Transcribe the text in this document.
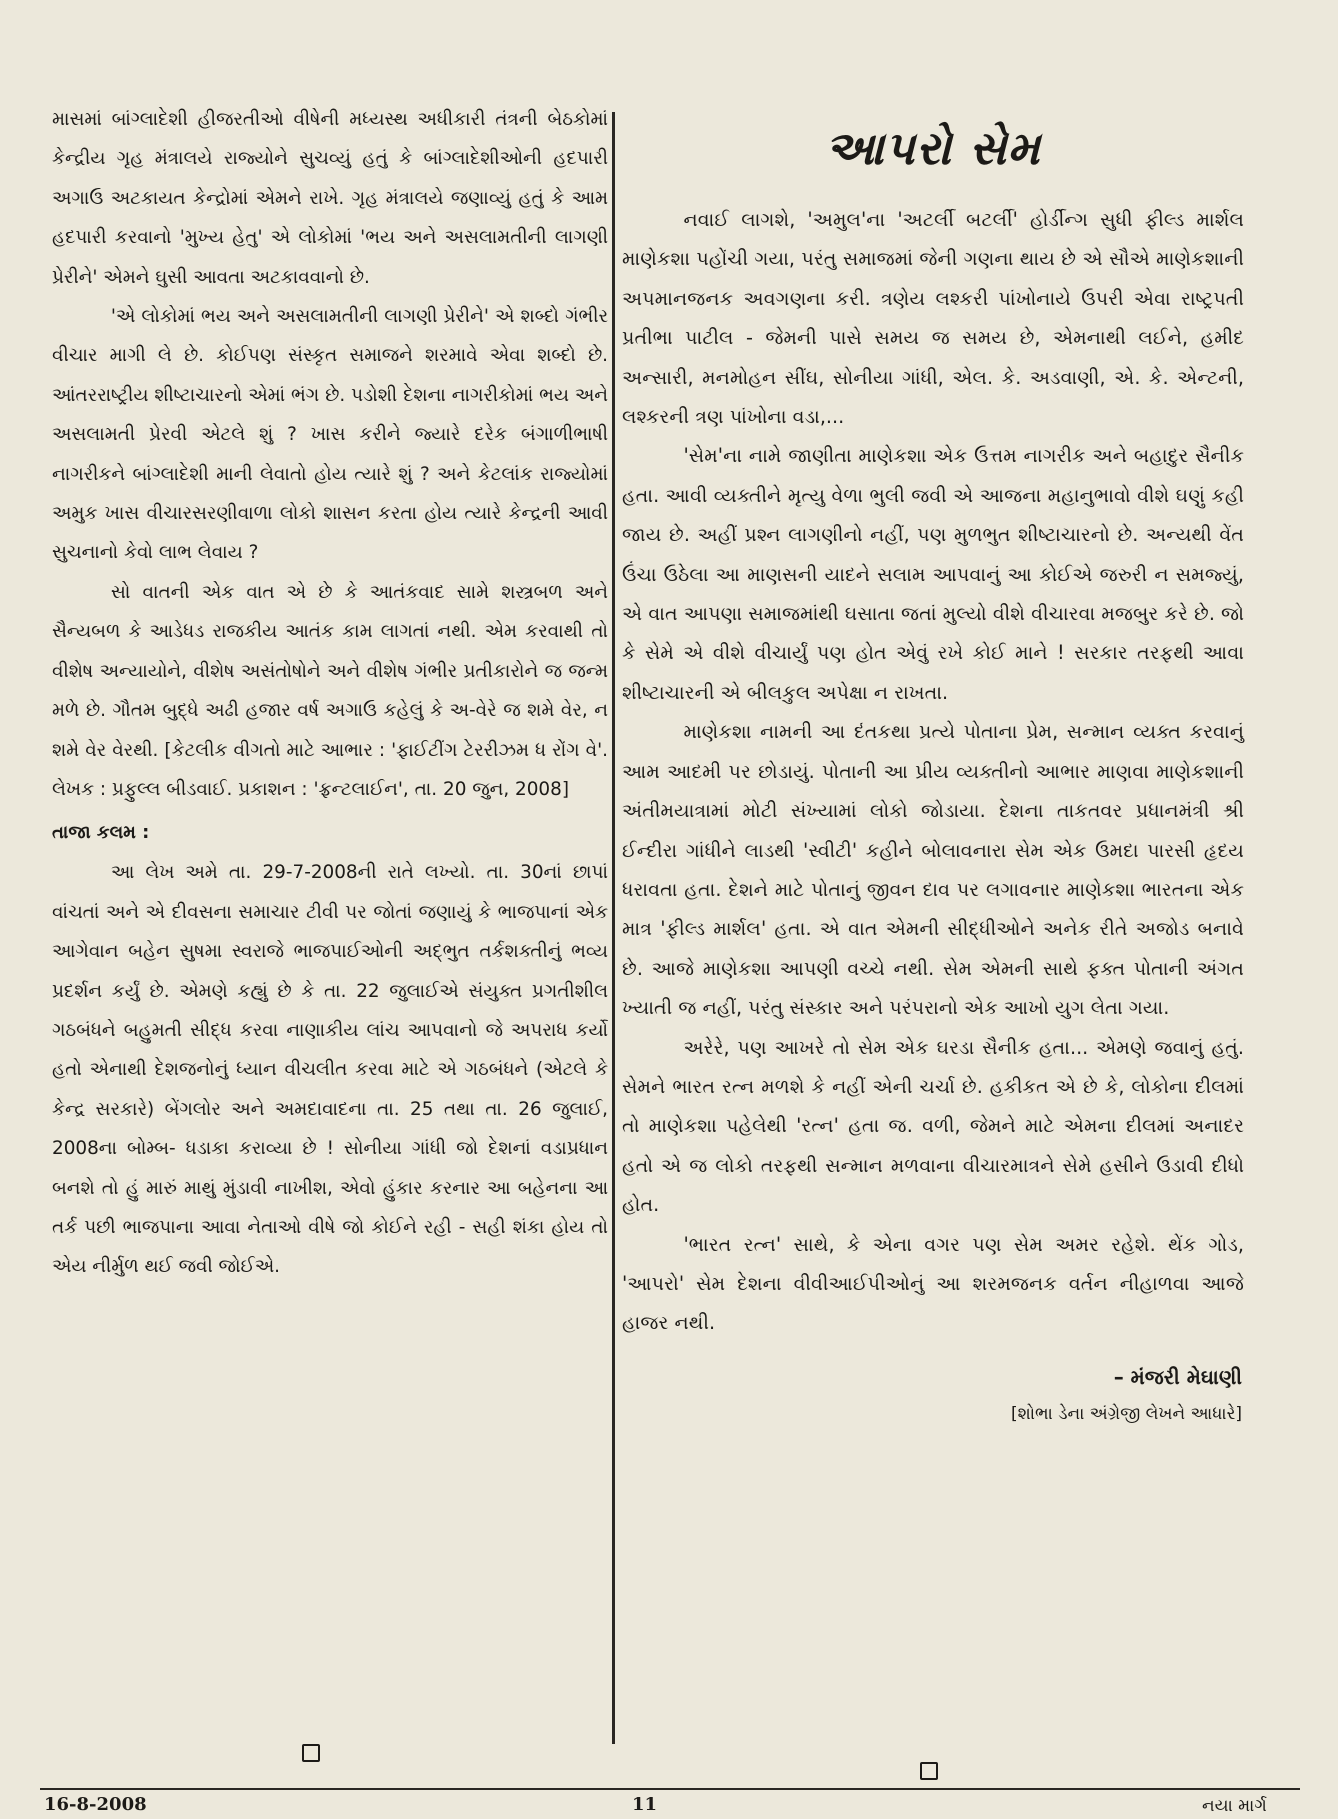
માસમાં બાંગ્લાદેશી હીજરતીઓ વીષેની મધ્યસ્થ અધીકારી તંત્રની બેઠકોમાં કેન્દ્રીય ગૃહ મંત્રાલયે રાજ્યોને સુચવ્યું હતું કે બાંગ્લાદેશીઓની હદપારી અગાઉ અટકાયત કેન્દ્રોમાં એમને રાખે. ગૃહ મંત્રાલયે જણાવ્યું હતું કે આમ હદપારી કરવાનો 'મુખ્ય હેતુ' એ લોકોમાં 'ભય અને અસલામતીની લાગણી પ્રેરીને' એમને ઘુસી આવતા અટકાવવાનો છે.

'એ લોકોમાં ભય અને અસલામતીની લાગણી પ્રેરીને' એ શબ્દો ગંભીર વીચાર માગી લે છે. કોઈપણ સંસ્કૃત સમાજને શરમાવે એવા શબ્દો છે. આંતરરાષ્ટ્રીય શીષ્ટાચારનો એમાં ભંગ છે. પડોશી દેશના નાગરીકોમાં ભય અને અસલામતી પ્રેરવી એટલે શું ? ખાસ કરીને જ્યારે દરેક બંગાળીભાષી નાગરીકને બાંગ્લાદેશી માની લેવાતો હોય ત્યારે શું ? અને કેટલાંક રાજ્યોમાં અમુક ખાસ વીચારસરણીવાળા લોકો શાસન કરતા હોય ત્યારે કેન્દ્રની આવી સુચનાનો કેવો લાભ લેવાય ?

સો વાતની એક વાત એ છે કે આતંકવાદ સામે શસ્ત્રબળ અને સૈન્યબળ કે આડેધડ રાજકીય આતંક કામ લાગતાં નથી. એમ કરવાથી તો વીશેષ અન્યાયોને, વીશેષ અસંતોષોને અને વીશેષ ગંભીર પ્રતીકારોને જ જન્મ મળે છે. ગૌતમ બુદ્ધે અઢી હજાર વર્ષ અગાઉ કહેલું કે અ-વેરે જ શમે વેર, ન શમે વેર વેરથી. [કેટલીક વીગતો માટે આભાર : 'ફાઈટીંગ ટેરરીઝમ ધ રોંગ વે'. લેખક : પ્રફુલ્લ બીડવાઈ. પ્રકાશન : 'ફ્રન્ટલાઈન', તા. 20 જુન, 2008]

તાજા કલમ :

આ લેખ અમે તા. 29-7-2008ની રાતે લખ્યો. તા. 30નાં છાપાં વાંચતાં અને એ દીવસના સમાચાર ટીવી પર જોતાં જણાયું કે ભાજપાનાં એક આગેવાન બહેન સુષમા સ્વરાજે ભાજપાઈઓની અદ્ભુત તર્કશક્તીનું ભવ્ય પ્રદર્શન કર્યું છે. એમણે કહ્યું છે કે તા. 22 જુલાઈએ સંયુક્ત પ્રગતીશીલ ગઠબંધને બહુમતી સીદ્ધ કરવા નાણાકીય લાંચ આપવાનો જે અપરાધ કર્યો હતો એનાથી દેશજનોનું ધ્યાન વીચલીત કરવા માટે એ ગઠબંધને (એટલે કે કેન્દ્ર સરકારે) બેંગલોર અને અમદાવાદના તા. 25 તથા તા. 26 જુલાઈ, 2008ના બોમ્બ- ધડાકા કરાવ્યા છે ! સોનીયા ગાંધી જો દેશનાં વડાપ્રધાન બનશે તો હું મારું માથું મુંડાવી નાખીશ, એવો હુંકાર કરનાર આ બહેનના આ તર્ક પછી ભાજપાના આવા નેતાઓ વીષે જો કોઈને રહી - સહી શંકા હોય તો એય નીર્મુળ થઈ જવી જોઈએ.

આપરો સેમ

નવાઈ લાગશે, 'અમુલ'ના 'અટર્લી બટર્લી' હોર્ડીન્ગ સુધી ફીલ્ડ માર્શલ માણેકશા પહોંચી ગયા, પરંતુ સમાજમાં જેની ગણના થાય છે એ સૌએ માણેકશાની અપમાનજનક અવગણના કરી. ત્રણેય લશ્કરી પાંખોનાયે ઉપરી એવા રાષ્ટ્રપતી પ્રતીભા પાટીલ - જેમની પાસે સમય જ સમય છે, એમનાથી લઈને, હમીદ અન્સારી, મનમોહન સીંઘ, સોનીયા ગાંધી, એલ. કે. અડવાણી, એ. કે. એન્ટની, લશ્કરની ત્રણ પાંખોના વડા,...

'સેમ'ના નામે જાણીતા માણેકશા એક ઉત્તમ નાગરીક અને બહાદુર સૈનીક હતા. આવી વ્યક્તીને મૃત્યુ વેળા ભુલી જવી એ આજના મહાનુભાવો વીશે ઘણું કહી જાય છે. અહીં પ્રશ્ન લાગણીનો નહીં, પણ મુળભુત શીષ્ટાચારનો છે. અન્યથી વેંત ઉંચા ઉઠેલા આ માણસની યાદને સલામ આપવાનું આ કોઈએ જરુરી ન સમજ્યું, એ વાત આપણા સમાજમાંથી ઘસાતા જતાં મુલ્યો વીશે વીચારવા મજબુર કરે છે. જો કે સેમે એ વીશે વીચાર્યું પણ હોત એવું રખે કોઈ માને ! સરકાર તરફથી આવા શીષ્ટાચારની એ બીલકુલ અપેક્ષા ન રાખતા.

માણેકશા નામની આ દંતકથા પ્રત્યે પોતાના પ્રેમ, સન્માન વ્યક્ત કરવાનું આમ આદમી પર છોડાયું. પોતાની આ પ્રીય વ્યક્તીનો આભાર માણવા માણેકશાની અંતીમયાત્રામાં મોટી સંખ્યામાં લોકો જોડાયા. દેશના તાકતવર પ્રધાનમંત્રી શ્રી ઈન્દીરા ગાંધીને લાડથી 'સ્વીટી' કહીને બોલાવનારા સેમ એક ઉમદા પારસી હૃદય ધરાવતા હતા. દેશને માટે પોતાનું જીવન દાવ પર લગાવનાર માણેકશા ભારતના એક માત્ર 'ફીલ્ડ માર્શલ' હતા. એ વાત એમની સીદ્ધીઓને અનેક રીતે અજોડ બનાવે છે. આજે માણેકશા આપણી વચ્ચે નથી. સેમ એમની સાથે ફક્ત પોતાની અંગત ખ્યાતી જ નહીં, પરંતુ સંસ્કાર અને પરંપરાનો એક આખો યુગ લેતા ગયા.

અરેરે, પણ આખરે તો સેમ એક ઘરડા સૈનીક હતા... એમણે જવાનું હતું. સેમને ભારત રત્ન મળશે કે નહીં એની ચર્ચા છે. હકીકત એ છે કે, લોકોના દીલમાં તો માણેકશા પહેલેથી 'રત્ન' હતા જ. વળી, જેમને માટે એમના દીલમાં અનાદર હતો એ જ લોકો તરફથી સન્માન મળવાના વીચારમાત્રને સેમે હસીને ઉડાવી દીધો હોત.

'ભારત રત્ન' સાથે, કે એના વગર પણ સેમ અમર રહેશે. થેંક ગોડ, 'આપરો' સેમ દેશના વીવીઆઈપીઓનું આ શરમજનક વર્તન નીહાળવા આજે હાજર નથી.

– મંજરી મેઘાણી
[શોભા ડેના અંગ્રેજી લેખને આધારે]
16-8-2008	11	નયા માર્ગ
